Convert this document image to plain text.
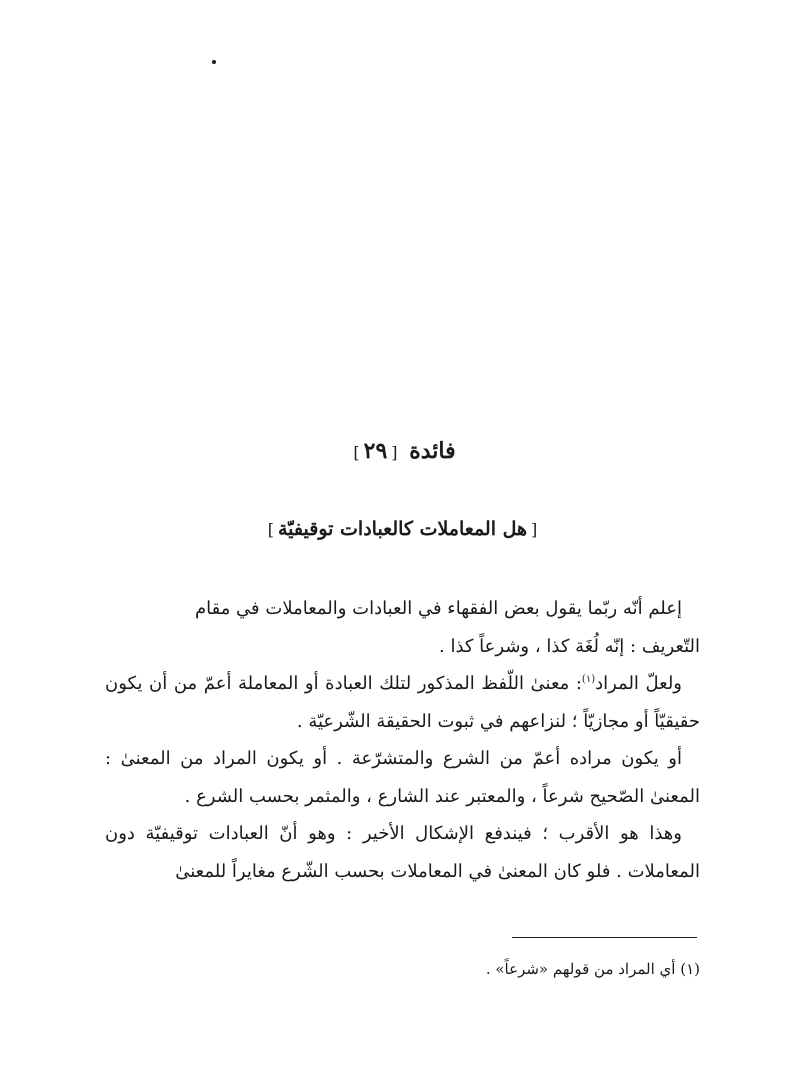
فائدة [٢٩]
[هل المعاملات كالعبادات توقيفيّة]

إعلم أنّه ربّما يقول بعض الفقهاء في العبادات والمعاملات في مقام

التّعريف : إنّه لُغَة كذا ، وشرعاً كذا .

ولعلّ المراد$^{(١)}$: معنىٰ اللّفظ المذكور لتلك العبادة أو المعاملة أعمّ من أن يكون حقيقيّاً أو مجازيّاً ؛ لنزاعهم في ثبوت الحقيقة الشّرعيّة .

أو يكون مراده أعمّ من الشرع والمتشرّعة . أو يكون المراد من المعنىٰ : المعنىٰ الصّحيح شرعاً ، والمعتبر عند الشارع ، والمثمر بحسب الشرع .

وهذا هو الأقرب ؛ فيندفع الإشكال الأخير : وهو أنّ العبادات توقيفيّة دون المعاملات . فلو كان المعنىٰ في المعاملات بحسب الشّرع مغايراً للمعنىٰ

(١) أي المراد من قولهم «شرعاً» .
